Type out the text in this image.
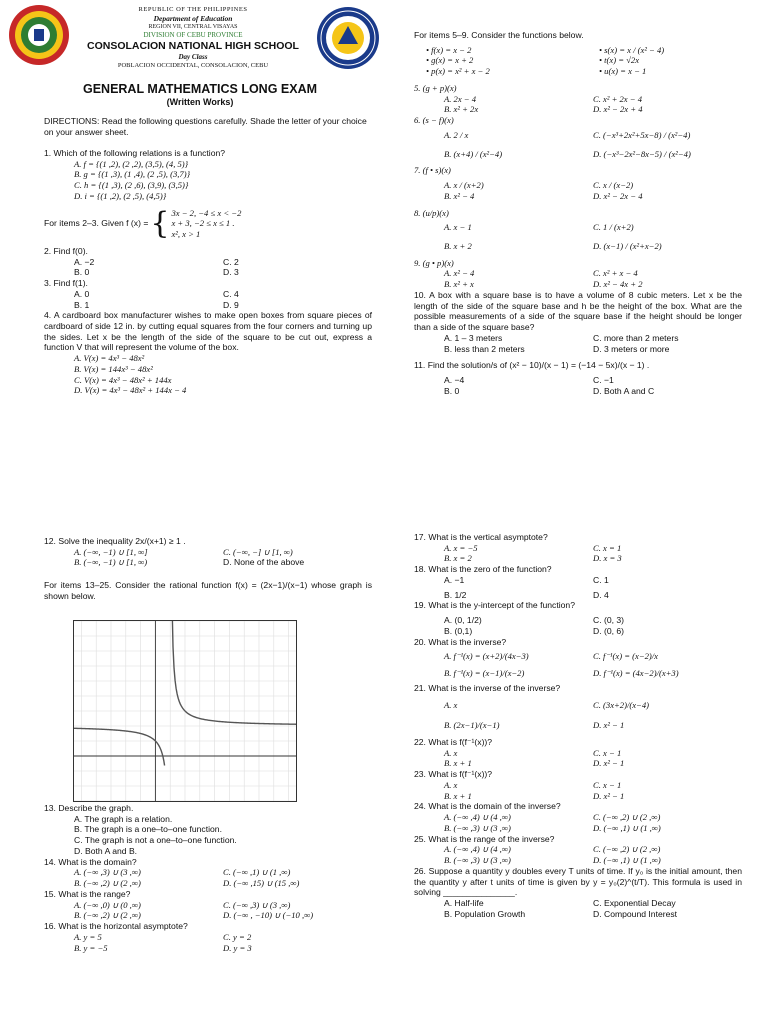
REPUBLIC OF THE PHILIPPINES
Department of Education
REGION VII, CENTRAL VISAYAS
DIVISION OF CEBU PROVINCE
CONSOLACION NATIONAL HIGH SCHOOL
Day Class
POBLACION OCCIDENTAL, CONSOLACION, CEBU
GENERAL MATHEMATICS LONG EXAM
(Written Works)
DIRECTIONS: Read the following questions carefully. Shade the letter of your choice on your answer sheet.
1. Which of the following relations is a function?
A. f = {(1 ,2), (2 ,2), (3,5), (4, 5)}
B. g = {(1 ,3), (1 ,4), (2 ,5), (3,7)}
C. h = {(1 ,3), (2 ,6), (3,9), (3,5)}
D. i = {(1 ,2), (2 ,5), (4,5)}
For items 2–3. Given f (x) = { 3x − 2, −4 ≤ x < −2
x + 3, −2 ≤ x ≤ 1 .
x², x > 1
2. Find f(0).
A. −2	C. 2
B. 0	D. 3
3. Find f(1).
A. 0	C. 4
B. 1	D. 9
4. A cardboard box manufacturer wishes to make open boxes from square pieces of cardboard of side 12 in. by cutting equal squares from the four corners and turning up the sides. Let x be the length of the side of the square to be cut out, express a function V that will represent the volume of the box.
A. V(x) = 4x³ − 48x²
B. V(x) = 144x³ − 48x²
C. V(x) = 4x³ − 48x² + 144x
D. V(x) = 4x³ − 48x² + 144x − 4
For items 5–9. Consider the functions below.
• f(x) = x − 2
• g(x) = x + 2
• p(x) = x² + x − 2
• s(x) = x / (x² − 4)
• t(x) = √2x
• u(x) = x − 1
5. (g + p)(x)
A. 2x − 4	C. x² + 2x − 4
B. x² + 2x	D. x² − 2x + 4
6. (s − f)(x)
A. 2 / x	C. (−x³+2x²+5x−8) / (x²−4)
B. (x+4) / (x²−4)	D. (−x³−2x²−8x−5) / (x²−4)
7. (f • s)(x)
A. x / (x+2)	C. x / (x−2)
B. x² − 4	D. x² − 2x − 4
8. (u/p)(x)
A. x − 1	C. 1 / (x+2)
B. x + 2	D. (x−1) / (x²+x−2)
9. (g • p)(x)
A. x² − 4	C. x² + x − 4
B. x² + x	D. x² − 4x + 2
10. A box with a square base is to have a volume of 8 cubic meters. Let x be the length of the side of the square base and h be the height of the box. What are the possible measurements of a side of the square base if the height should be longer than a side of the square base?
A. 1 – 3 meters	C. more than 2 meters
B. less than 2 meters	D. 3 meters or more
11. Find the solution/s of (x² − 10)/(x − 1) = (−14 − 5x)/(x − 1) .
A. −4	C. −1
B. 0	D. Both A and C
12. Solve the inequality 2x/(x+1) ≥ 1 .
A. (−∞, −1) ∪ [1, ∞]	C. (−∞, −] ∪ [1, ∞)
B. (−∞, −1) ∪ [1, ∞)	D. None of the above
For items 13–25. Consider the rational function f(x) = (2x−1)/(x−1) whose graph is shown below.
13. Describe the graph.
A. The graph is a relation.
B. The graph is a one–to–one function.
C. The graph is not a one–to–one function.
D. Both A and B.
14. What is the domain?
A. (−∞ ,3) ∪ (3 ,∞)	C. (−∞ ,1) ∪ (1 ,∞)
B. (−∞ ,2) ∪ (2 ,∞)	D. (−∞ ,15) ∪ (15 ,∞)
15. What is the range?
A. (−∞ ,0) ∪ (0 ,∞)	C. (−∞ ,3) ∪ (3 ,∞)
B. (−∞ ,2) ∪ (2 ,∞)	D. (−∞ , −10) ∪ (−10 ,∞)
16. What is the horizontal asymptote?
A. y = 5	C. y = 2
B. y = −5	D. y = 3
17. What is the vertical asymptote?
A. x = −5	C. x = 1
B. x = 2	D. x = 3
18. What is the zero of the function?
A. −1	C. 1
B. 1/2	D. 4
19. What is the y-intercept of the function?
A. (0, 1/2)	C. (0, 3)
B. (0,1)	D. (0, 6)
20. What is the inverse?
A. f⁻¹(x) = (x+2)/(4x−3)	C. f⁻¹(x) = (x−2)/x
B. f⁻¹(x) = (x−1)/(x−2)	D. f⁻¹(x) = (4x−2)/(x+3)
21. What is the inverse of the inverse?
A. x	C. (3x+2)/(x−4)
B. (2x−1)/(x−1)	D. x² − 1
22. What is f(f⁻¹(x))?
A. x	C. x − 1
B. x + 1	D. x² − 1
23. What is f(f⁻¹(x))?
A. x	C. x − 1
B. x + 1	D. x² − 1
24. What is the domain of the inverse?
A. (−∞ ,4) ∪ (4 ,∞)	C. (−∞ ,2) ∪ (2 ,∞)
B. (−∞ ,3) ∪ (3 ,∞)	D. (−∞ ,1) ∪ (1 ,∞)
25. What is the range of the inverse?
A. (−∞ ,4) ∪ (4 ,∞)	C. (−∞ ,2) ∪ (2 ,∞)
B. (−∞ ,3) ∪ (3 ,∞)	D. (−∞ ,1) ∪ (1 ,∞)
26. Suppose a quantity y doubles every T units of time. If y₀ is the initial amount, then the quantity y after t units of time is given by y = y₀(2)^(t/T). This formula is used in solving _______________.
A. Half-life	C. Exponential Decay
B. Population Growth	D. Compound Interest
